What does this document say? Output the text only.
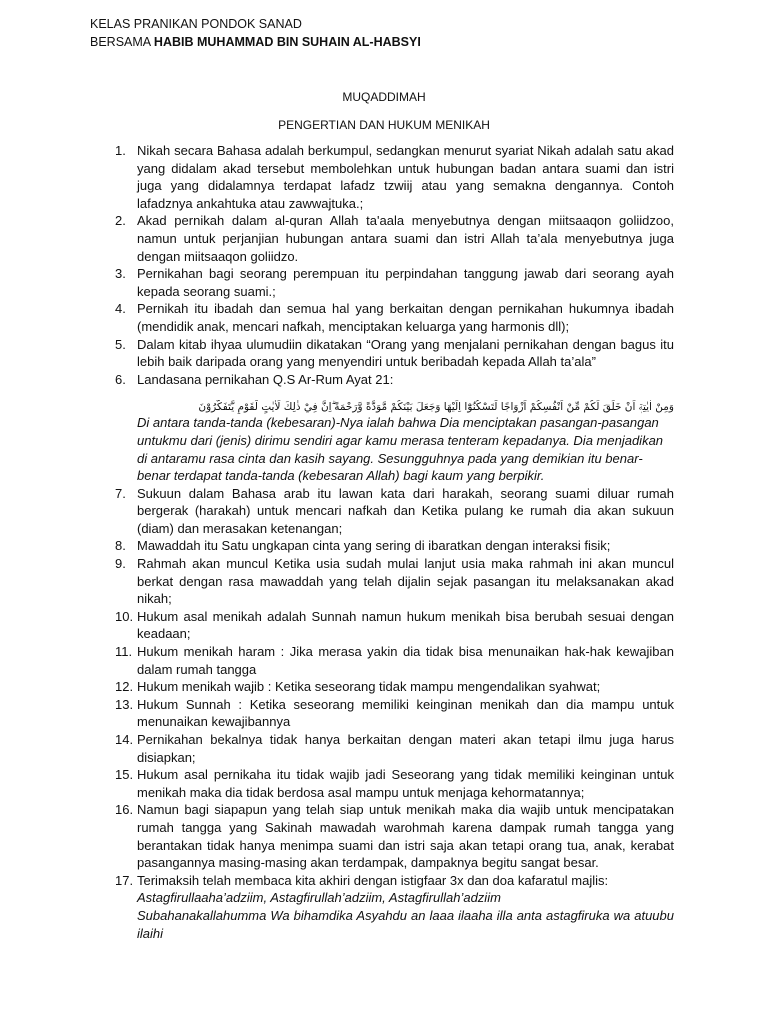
KELAS PRANIKAN PONDOK SANAD
BERSAMA HABIB MUHAMMAD BIN SUHAIN AL-HABSYI
MUQADDIMAH
PENGERTIAN DAN HUKUM MENIKAH
1. Nikah secara Bahasa adalah berkumpul, sedangkan menurut syariat Nikah adalah satu akad yang didalam akad tersebut membolehkan untuk hubungan badan antara suami dan istri juga yang didalamnya terdapat lafadz tzwiij atau yang semakna dengannya. Contoh lafadznya ankahtuka atau zawwajtuka.;
2. Akad pernikah dalam al-quran Allah ta'aala menyebutnya dengan miitsaaqon goliidzoo, namun untuk perjanjian hubungan antara suami dan istri Allah ta’ala menyebutnya juga dengan miitsaaqon goliidzo.
3. Pernikahan bagi seorang perempuan itu perpindahan tanggung jawab dari seorang ayah kepada seorang suami.;
4. Pernikah itu ibadah dan semua hal yang berkaitan dengan pernikahan hukumnya ibadah (mendidik anak, mencari nafkah, menciptakan keluarga yang harmonis dll);
5. Dalam kitab ihyaa ulumudiin dikatakan “Orang yang menjalani pernikahan dengan bagus itu lebih baik daripada orang yang menyendiri untuk beribadah kepada Allah ta’ala”
6. Landasana pernikahan Q.S Ar-Rum Ayat 21:
وَمِنْ اٰيٰتِهٖٓ اَنْ خَلَقَ لَكُمْ مِّنْ اَنْفُسِكُمْ اَزْوَاجًا لِّتَسْكُنُوْٓا اِلَيْهَا وَجَعَلَ بَيْنَكُمْ مَّوَدَّةً وَّرَحْمَةً ۗاِنَّ فِيْ ذٰلِكَ لَاٰيٰتٍ لِّقَوْمٍ يَّتَفَكَّرُوْنَ
Di antara tanda-tanda (kebesaran)-Nya ialah bahwa Dia menciptakan pasangan-pasangan
untukmu dari (jenis) dirimu sendiri agar kamu merasa tenteram kepadanya. Dia menjadikan
di antaramu rasa cinta dan kasih sayang. Sesungguhnya pada yang demikian itu benar-
benar terdapat tanda-tanda (kebesaran Allah) bagi kaum yang berpikir.
7. Sukuun dalam Bahasa arab itu lawan kata dari harakah, seorang suami diluar rumah bergerak (harakah) untuk mencari nafkah dan Ketika pulang ke rumah dia akan sukuun (diam) dan merasakan ketenangan;
8. Mawaddah itu Satu ungkapan cinta yang sering di ibaratkan dengan interaksi fisik;
9. Rahmah akan muncul Ketika usia sudah mulai lanjut usia maka rahmah ini akan muncul berkat dengan rasa mawaddah yang telah dijalin sejak pasangan itu melaksanakan akad nikah;
10. Hukum asal menikah adalah Sunnah namun hukum menikah bisa berubah sesuai dengan keadaan;
11. Hukum menikah haram : Jika merasa yakin dia tidak bisa menunaikan hak-hak kewajiban dalam rumah tangga
12. Hukum menikah wajib : Ketika seseorang tidak mampu mengendalikan syahwat;
13. Hukum Sunnah : Ketika seseorang memiliki keinginan menikah dan dia mampu untuk menunaikan kewajibannya
14. Pernikahan bekalnya tidak hanya berkaitan dengan materi akan tetapi ilmu juga harus disiapkan;
15. Hukum asal pernikaha itu tidak wajib jadi Seseorang yang tidak memiliki keinginan untuk menikah maka dia tidak berdosa asal mampu untuk menjaga kehormatannya;
16. Namun bagi siapapun yang telah siap untuk menikah maka dia wajib untuk mencipatakan rumah tangga yang Sakinah mawadah warohmah karena dampak rumah tangga yang berantakan tidak hanya menimpa suami dan istri saja akan tetapi orang tua, anak, kerabat pasangannya masing-masing akan terdampak, dampaknya begitu sangat besar.
17. Terimaksih telah membaca kita akhiri dengan istigfaar 3x dan doa kafaratul majlis:
Astagfirullaaha’adziim, Astagfirullah’adziim, Astagfirullah’adziim
Subahanakallahumma Wa bihamdika Asyahdu an laaa ilaaha illa anta astagfiruka wa atuubu ilaihi
